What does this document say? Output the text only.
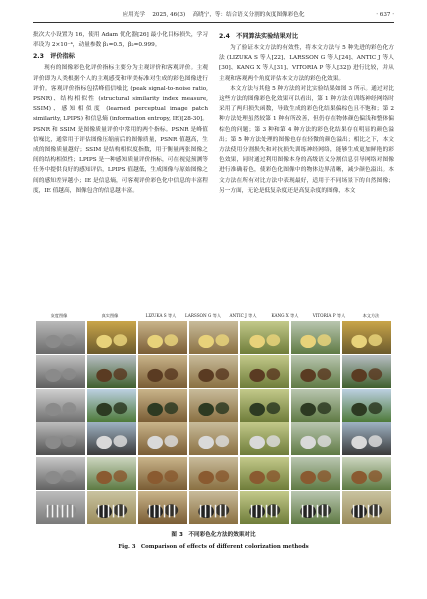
应用光学  2025, 46(3)  高晓宁，等：结合语义分割的灰度图像彩色化	· 637 ·

批次大小设置为 16，使用 Adam 优化器[26] 最小化目标损失，学习率设为 2×10⁻⁴，动量参数 β₁=0.5，β₂=0.999。

2.3　评价指标

现有的图像彩色化评价指标主要分为主观评价和客观评价。主观评价即为人类根据个人的主观感受和审美标准对生成的彩色图像进行评价。客观评价指标包括峰值信噪比 (peak signal-to-noise ratio, PSNR)、结构相似性 (structural similarity index measure, SSIM)、感知相似度 (learned perceptual image patch similarity, LPIPS) 和信息熵 (information entropy, IE)[28-30]。PSNR 和 SSIM 是图像质量评价中常用的两个指标。PSNR 是峰值信噪比，通常用于评估图像压缩前后的图像质量，PSNR 值越高，生成的图像质量越好；SSIM 是结构相似度指数，用于衡量两张图像之间的结构相似性；LPIPS 是一种感知质量评价指标，可在视觉预测等任务中提供良好的感知评估，LPIPS 值越低，生成图像与原始图像之间的感知差异越小；IE 是信息熵，可客观评价彩色化中信息的丰富程度，IE 值越高，图像包含的信息越丰富。

2.4　不同算法实验结果对比

为了验证本文方法的有效性，将本文方法与 5 种先进的彩色化方法 (LIZUKA S 等人[22]、LARSSON G 等人[24]、ANTIC J 等人[30]、KANG X 等人[31]、VITORIA P 等人[32]) 进行比较，并从主观和客观两个角度评估本文方法的彩色化效果。

本文方法与其他 5 种方法的对比实验结果如图 3 所示。通过对比这些方法的图像彩色化效果可以看出，第 1 种方法在训练神经网络时采用了两归损失函数，导致生成的彩色化结果偏棕色且不饱和；第 2 种方法处理虽然较第 1 种有所改善，但仍存在物体颜色偏浅和整体偏棕色的问题；第 3 种和第 4 种方法的彩色化结果存在明显的颜色溢出；第 5 种方法处理的图像也存在轻微的颜色溢出；相比之下，本文方法使用分割损失和对抗损失训练神经网络，能够生成更加鲜艳的彩色效果，同时通过利用图像本身的高级语义分割信息引导网络对图像进行准确着色，使彩色化图像中的物体边界清晰，减少颜色溢出。本文方法在所有对比方法中表现最好，适用于不同场景下的自然图像；另一方面，无论是低复杂度还是高复杂度的图像，本文

灰度图像	真实图像	LIZUKA S 等人	LARSSON G 等人	ANTIC J 等人	KANG X 等人	VITORIA P 等人	本文方法
图 3　不同彩色化方法的效果对比
Fig. 3　Comparison of effects of different colorization methods
